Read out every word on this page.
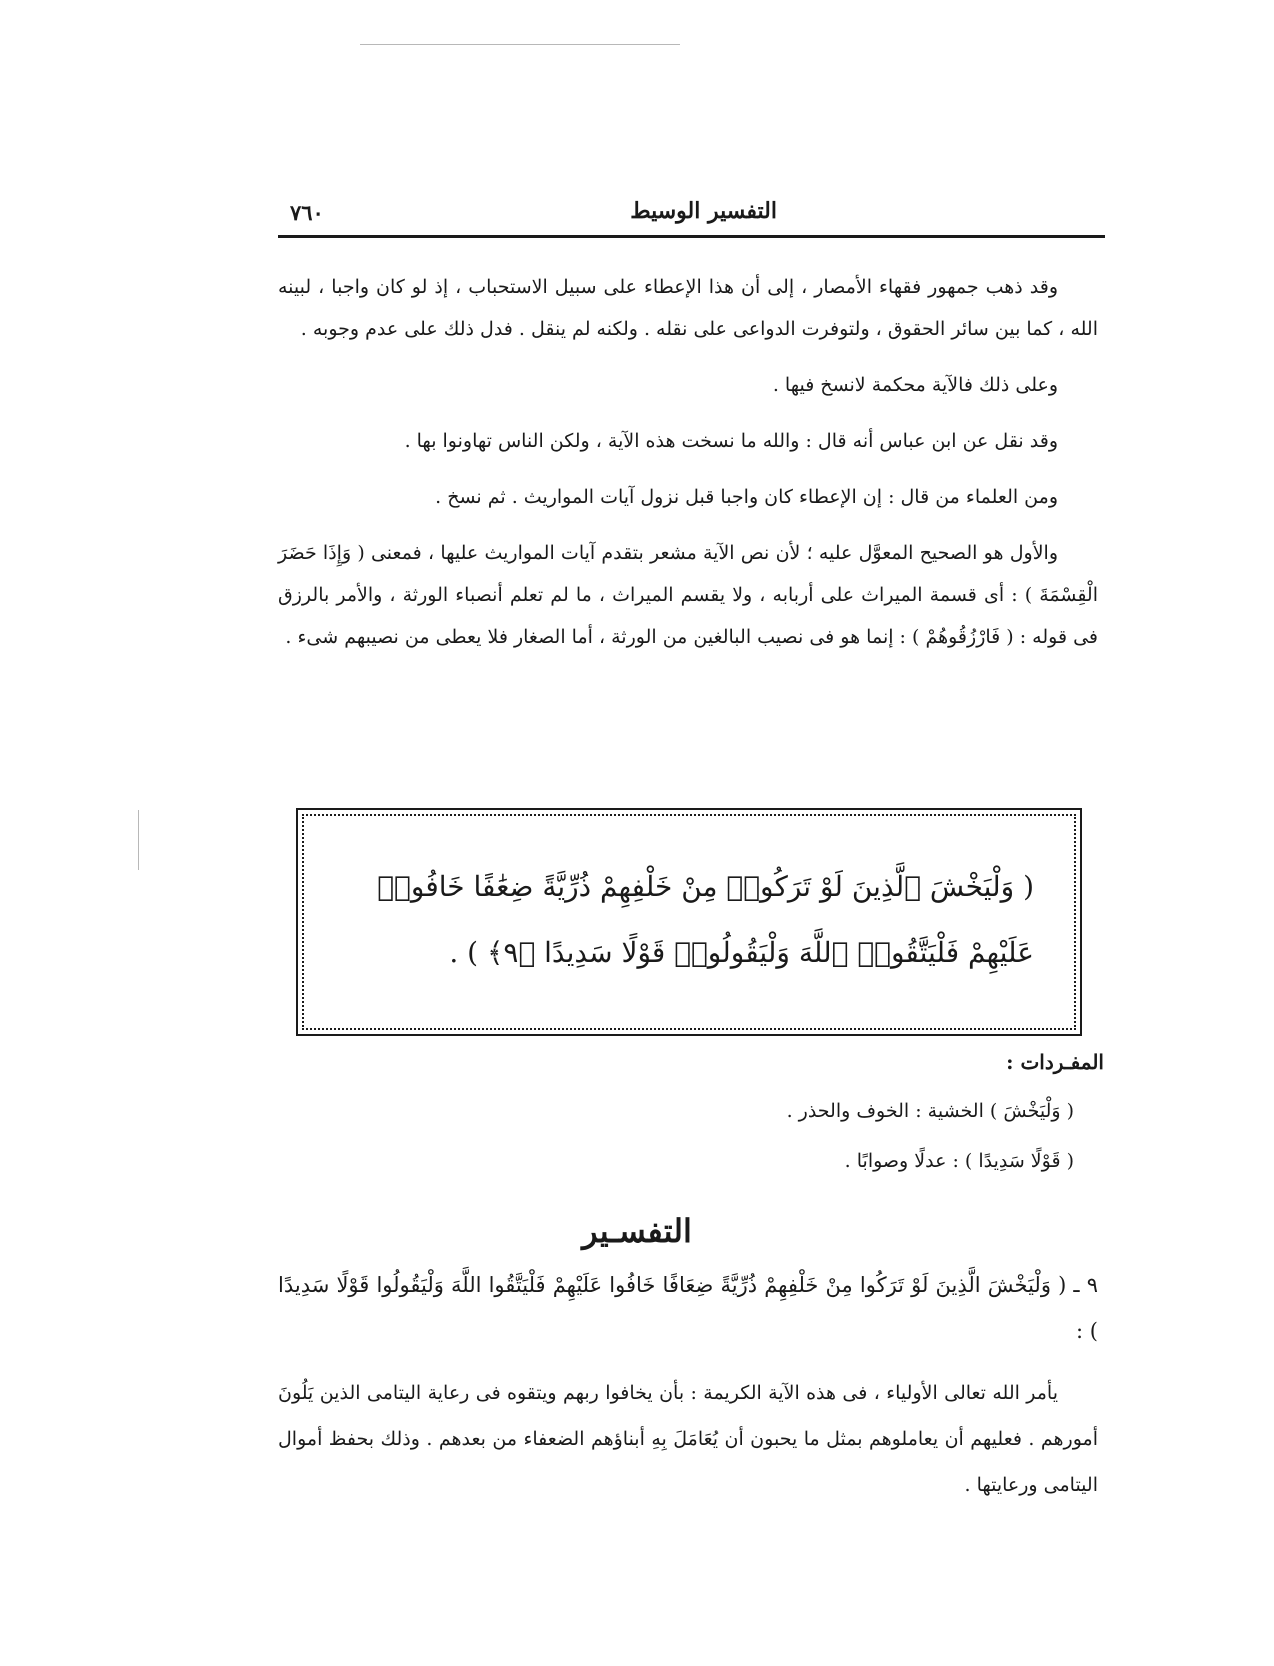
التفسير الوسيط
٧٦٠

وقد ذهب جمهور فقهاء الأمصار ، إلى أن هذا الإعطاء على سبيل الاستحباب ، إذ لو كان واجبا ، لبينه الله ، كما بين سائر الحقوق ، ولتوفرت الدواعى على نقله . ولكنه لم ينقل . فدل ذلك على عدم وجوبه .

وعلى ذلك فالآية محكمة لانسخ فيها .

وقد نقل عن ابن عباس أنه قال : والله ما نسخت هذه الآية ، ولكن الناس تهاونوا بها .

ومن العلماء من قال : إن الإعطاء كان واجبا قبل نزول آيات المواريث . ثم نسخ .

والأول هو الصحيح المعوَّل عليه ؛ لأن نص الآية مشعر بتقدم آيات المواريث عليها ، فمعنى ( وَإِذَا حَضَرَ الْقِسْمَةَ ) : أى قسمة الميراث على أربابه ، ولا يقسم الميراث ، ما لم تعلم أنصباء الورثة ، والأمر بالرزق فى قوله : ( فَارْزُقُوهُمْ ) : إنما هو فى نصيب البالغين من الورثة ، أما الصغار فلا يعطى من نصيبهم شىء .

( وَلْيَخْشَ ٱلَّذِينَ لَوْ تَرَكُوا۟ مِنْ خَلْفِهِمْ ذُرِّيَّةً ضِعَٰفًا خَافُوا۟
عَلَيْهِمْ فَلْيَتَّقُوا۟ ٱللَّهَ وَلْيَقُولُوا۟ قَوْلًا سَدِيدًا ﴿٩﴾ ) .
المفـردات :
( وَلْيَخْشَ ) الخشية : الخوف والحذر .
( قَوْلًا سَدِيدًا ) : عدلًا وصوابًا .
التفسـير
٩ ـ ( وَلْيَخْشَ الَّذِينَ لَوْ تَرَكُوا مِنْ خَلْفِهِمْ ذُرِّيَّةً ضِعَافًا خَافُوا عَلَيْهِمْ فَلْيَتَّقُوا اللَّهَ وَلْيَقُولُوا قَوْلًا سَدِيدًا ) :
يأمر الله تعالى الأولياء ، فى هذه الآية الكريمة : بأن يخافوا ربهم ويتقوه فى رعاية اليتامى الذين يَلُونَ أمورهم . فعليهم أن يعاملوهم بمثل ما يحبون أن يُعَامَلَ بِهِ أبناؤهم الضعفاء من بعدهم . وذلك بحفظ أموال اليتامى ورعايتها .
